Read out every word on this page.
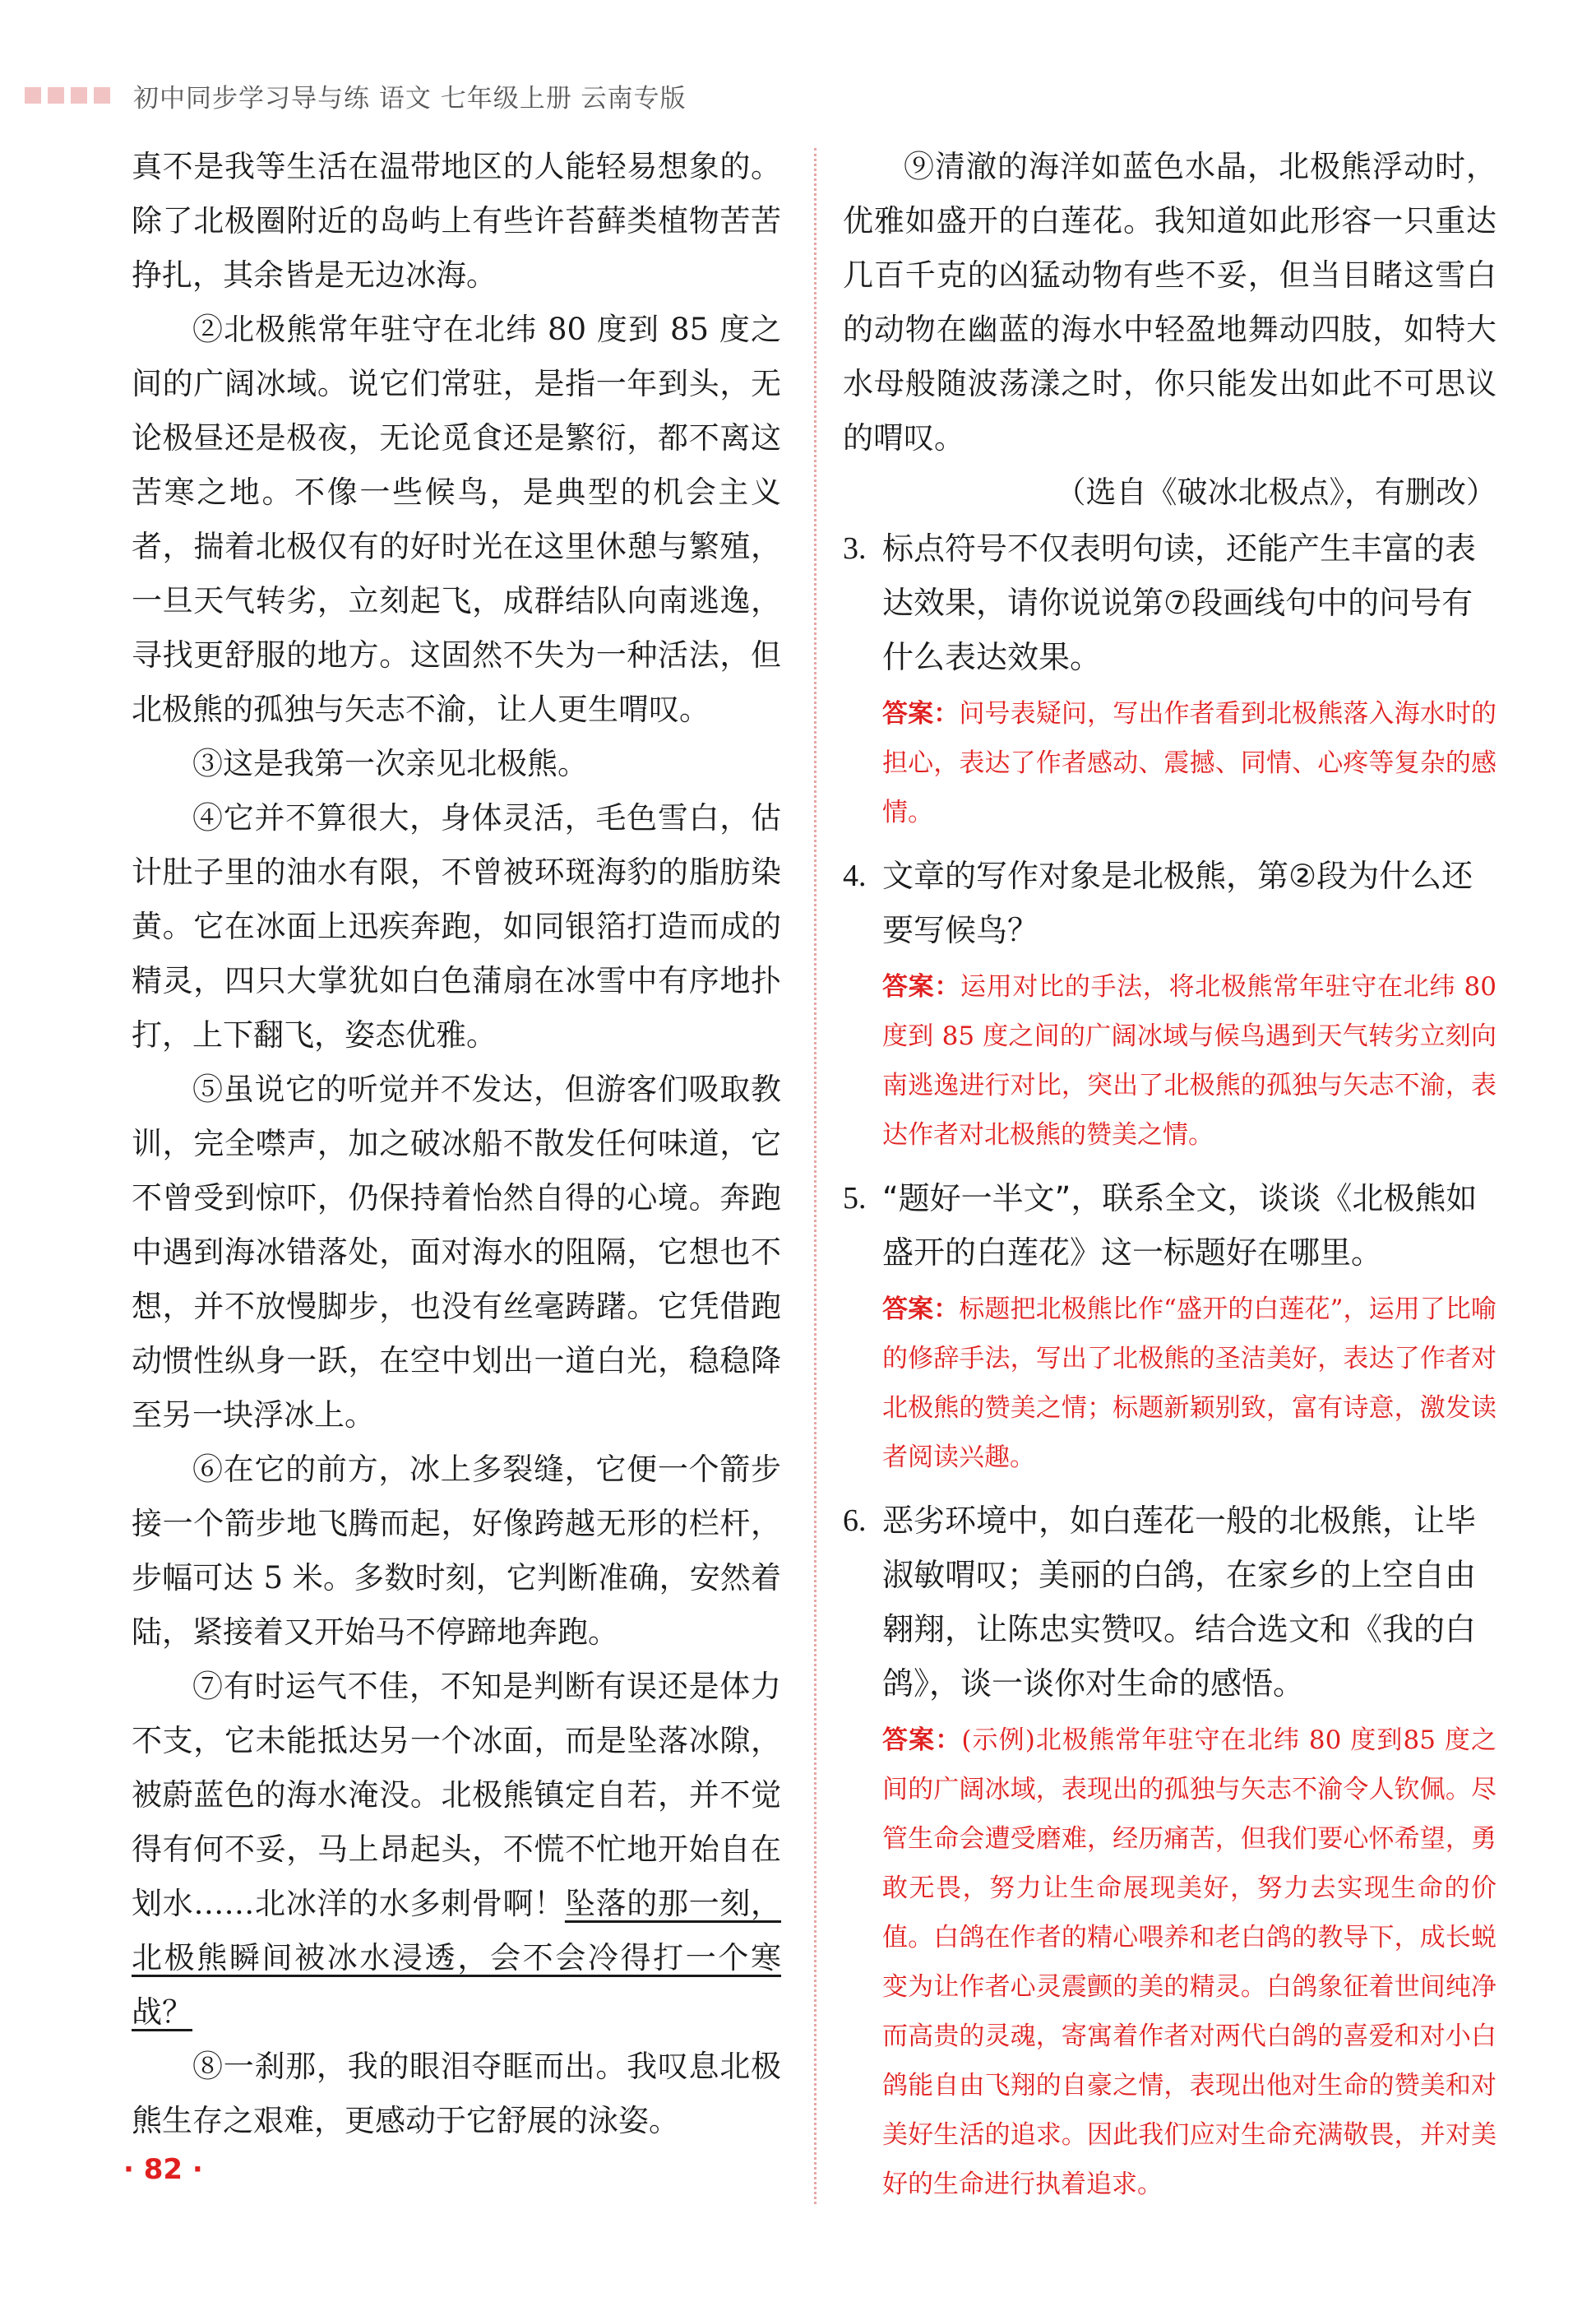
初中同步学习导与练 语文 七年级上册 云南专版

真不是我等生活在温带地区的人能轻易想象的。除了北极圈附近的岛屿上有些许苔藓类植物苦苦挣扎，其余皆是无边冰海。

②北极熊常年驻守在北纬 80 度到 85 度之间的广阔冰域。说它们常驻，是指一年到头，无论极昼还是极夜，无论觅食还是繁衍，都不离这苦寒之地。不像一些候鸟，是典型的机会主义者，揣着北极仅有的好时光在这里休憩与繁殖，一旦天气转劣，立刻起飞，成群结队向南逃逸，寻找更舒服的地方。这固然不失为一种活法，但北极熊的孤独与矢志不渝，让人更生喟叹。

③这是我第一次亲见北极熊。

④它并不算很大，身体灵活，毛色雪白，估计肚子里的油水有限，不曾被环斑海豹的脂肪染黄。它在冰面上迅疾奔跑，如同银箔打造而成的精灵，四只大掌犹如白色蒲扇在冰雪中有序地扑打，上下翻飞，姿态优雅。

⑤虽说它的听觉并不发达，但游客们吸取教训，完全噤声，加之破冰船不散发任何味道，它不曾受到惊吓，仍保持着怡然自得的心境。奔跑中遇到海冰错落处，面对海水的阻隔，它想也不想，并不放慢脚步，也没有丝毫踌躇。它凭借跑动惯性纵身一跃，在空中划出一道白光，稳稳降至另一块浮冰上。

⑥在它的前方，冰上多裂缝，它便一个箭步接一个箭步地飞腾而起，好像跨越无形的栏杆，步幅可达 5 米。多数时刻，它判断准确，安然着陆，紧接着又开始马不停蹄地奔跑。

⑦有时运气不佳，不知是判断有误还是体力不支，它未能抵达另一个冰面，而是坠落冰隙，被蔚蓝色的海水淹没。北极熊镇定自若，并不觉得有何不妥，马上昂起头，不慌不忙地开始自在划水……北冰洋的水多刺骨啊！坠落的那一刻，北极熊瞬间被冰水浸透，会不会冷得打一个寒战？

⑧一刹那，我的眼泪夺眶而出。我叹息北极熊生存之艰难，更感动于它舒展的泳姿。

⑨清澈的海洋如蓝色水晶，北极熊浮动时，优雅如盛开的白莲花。我知道如此形容一只重达几百千克的凶猛动物有些不妥，但当目睹这雪白的动物在幽蓝的海水中轻盈地舞动四肢，如特大水母般随波荡漾之时，你只能发出如此不可思议的喟叹。

（选自《破冰北极点》，有删改）

3. 标点符号不仅表明句读，还能产生丰富的表达效果，请你说说第⑦段画线句中的问号有什么表达效果。
答案：问号表疑问，写出作者看到北极熊落入海水时的担心，表达了作者感动、震撼、同情、心疼等复杂的感情。
4. 文章的写作对象是北极熊，第②段为什么还要写候鸟？
答案：运用对比的手法，将北极熊常年驻守在北纬 80 度到 85 度之间的广阔冰域与候鸟遇到天气转劣立刻向南逃逸进行对比，突出了北极熊的孤独与矢志不渝，表达作者对北极熊的赞美之情。
5. “题好一半文”，联系全文，谈谈《北极熊如盛开的白莲花》这一标题好在哪里。
答案：标题把北极熊比作“盛开的白莲花”，运用了比喻的修辞手法，写出了北极熊的圣洁美好，表达了作者对北极熊的赞美之情；标题新颖别致，富有诗意，激发读者阅读兴趣。
6. 恶劣环境中，如白莲花一般的北极熊，让毕淑敏喟叹；美丽的白鸽，在家乡的上空自由翱翔，让陈忠实赞叹。结合选文和《我的白鸽》，谈一谈你对生命的感悟。
答案：(示例)北极熊常年驻守在北纬 80 度到85 度之间的广阔冰域，表现出的孤独与矢志不渝令人钦佩。尽管生命会遭受磨难，经历痛苦，但我们要心怀希望，勇敢无畏，努力让生命展现美好，努力去实现生命的价值。白鸽在作者的精心喂养和老白鸽的教导下，成长蜕变为让作者心灵震颤的美的精灵。白鸽象征着世间纯净而高贵的灵魂，寄寓着作者对两代白鸽的喜爱和对小白鸽能自由飞翔的自豪之情，表现出他对生命的赞美和对美好生活的追求。因此我们应对生命充满敬畏，并对美好的生命进行执着追求。
· 82 ·
